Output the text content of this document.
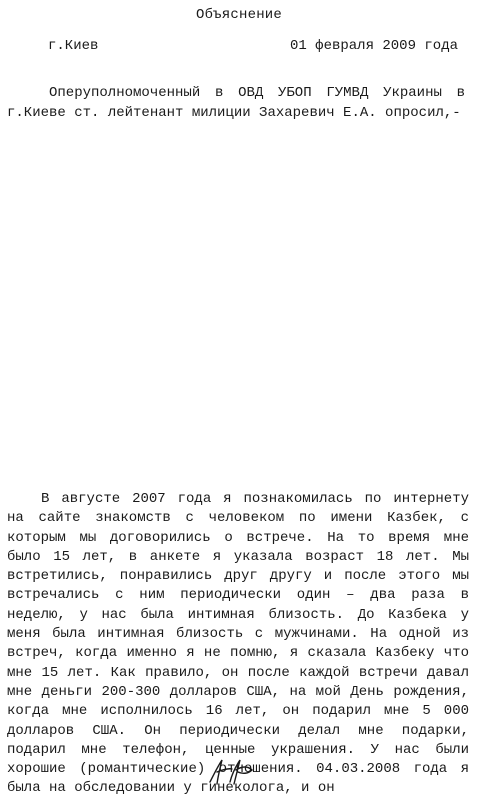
Объяснение
г.Киев	01 февраля 2009 года

Оперуполномоченный в ОВД УБОП ГУМВД Украины в г.Киеве ст. лейтенант милиции Захаревич Е.А. опросил,-

В августе 2007 года я познакомилась по интернету на сайте знакомств с человеком по имени Казбек, с которым мы договорились о встрече. На то время мне было 15 лет, в анкете я указала возраст 18 лет. Мы встретились, понравились друг другу и после этого мы встречались с ним периодически один – два раза в неделю, у нас была интимная близость. До Казбека у меня была интимная близость с мужчинами. На одной из встреч, когда именно я не помню, я сказала Казбеку что мне 15 лет. Как правило, он после каждой встречи давал мне деньги 200-300 долларов США, на мой День рождения, когда мне исполнилось 16 лет, он подарил мне 5 000 долларов США. Он периодически делал мне подарки, подарил мне телефон, ценные украшения. У нас были хорошие (романтические) отношения. 04.03.2008 года я была на обследовании у гинеколога, и он
